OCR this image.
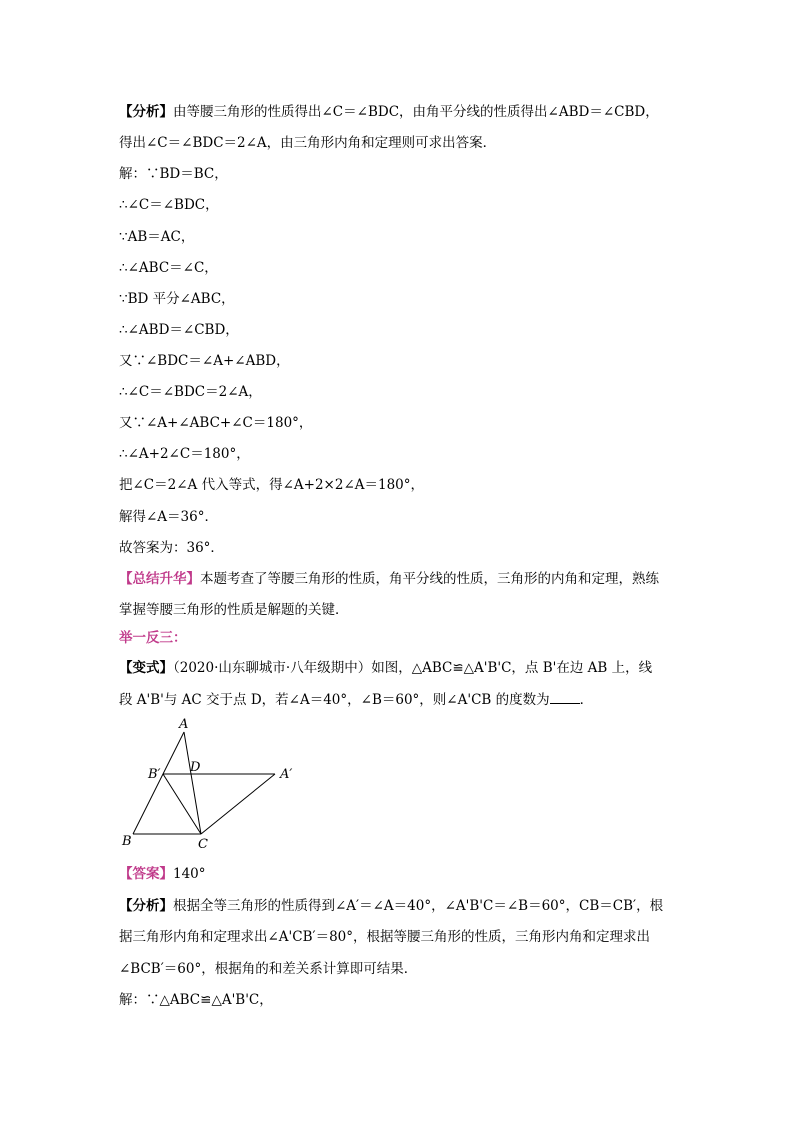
【分析】由等腰三角形的性质得出∠C＝∠BDC，由角平分线的性质得出∠ABD＝∠CBD，
得出∠C＝∠BDC＝2∠A，由三角形内角和定理则可求出答案．
解：∵BD＝BC，
∴∠C＝∠BDC，
∵AB＝AC，
∴∠ABC＝∠C，
∵BD 平分∠ABC，
∴∠ABD＝∠CBD，
又∵∠BDC＝∠A+∠ABD，
∴∠C＝∠BDC＝2∠A，
又∵∠A+∠ABC+∠C＝180°，
∴∠A+2∠C＝180°，
把∠C＝2∠A 代入等式，得∠A+2×2∠A＝180°，
解得∠A＝36°．
故答案为：36°．
【总结升华】本题考查了等腰三角形的性质，角平分线的性质，三角形的内角和定理，熟练
掌握等腰三角形的性质是解题的关键．
举一反三：
【变式】（2020·山东聊城市·八年级期中）如图，△ABC≌△A'B'C，点 B'在边 AB 上，线
段 A'B'与 AC 交于点 D，若∠A＝40°，∠B＝60°，则∠A'CB 的度数为 ．
A
B′ D	A′
B	C
【答案】140°
【分析】根据全等三角形的性质得到∠A′＝∠A＝40°，∠A'B'C＝∠B＝60°，CB＝CB′，根
据三角形内角和定理求出∠A'CB′＝80°，根据等腰三角形的性质，三角形内角和定理求出
∠BCB′＝60°，根据角的和差关系计算即可结果．
解：∵△ABC≌△A'B'C，
